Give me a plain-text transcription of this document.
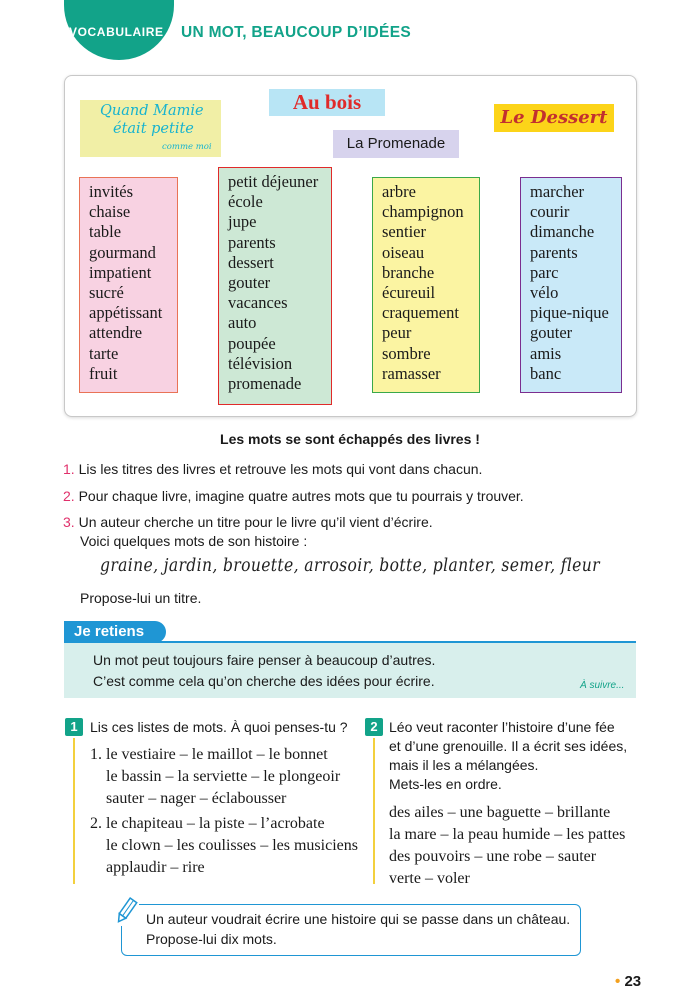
VOCABULAIRE UN MOT, BEAUCOUP D’IDÉES
Quand Mamie
était petite
comme moi
Au bois
La Promenade
Le Dessert
invités
chaise
table
gourmand
impatient
sucré
appétissant
attendre
tarte
fruit
petit déjeuner
école
jupe
parents
dessert
gouter
vacances
auto
poupée
télévision
promenade
arbre
champignon
sentier
oiseau
branche
écureuil
craquement
peur
sombre
ramasser
marcher
courir
dimanche
parents
parc
vélo
pique-nique
gouter
amis
banc
Les mots se sont échappés des livres !
1. Lis les titres des livres et retrouve les mots qui vont dans chacun.
2. Pour chaque livre, imagine quatre autres mots que tu pourrais y trouver.
3. Un auteur cherche un titre pour le livre qu’il vient d’écrire.
Voici quelques mots de son histoire :
graine, jardin, brouette, arrosoir, botte, planter, semer, fleur
Propose-lui un titre.
Je retiens
Un mot peut toujours faire penser à beaucoup d’autres.
C’est comme cela qu’on cherche des idées pour écrire.	À suivre...
1 Lis ces listes de mots. À quoi penses-tu ?
1. le vestiaire – le maillot – le bonnet
le bassin – la serviette – le plongeoir
sauter – nager – éclabousser
2. le chapiteau – la piste – l’acrobate
le clown – les coulisses – les musiciens
applaudir – rire
2 Léo veut raconter l’histoire d’une fée
et d’une grenouille. Il a écrit ses idées,
mais il les a mélangées.
Mets-les en ordre.
des ailes – une baguette – brillante
la mare – la peau humide – les pattes
des pouvoirs – une robe – sauter
verte – voler
Un auteur voudrait écrire une histoire qui se passe dans un château.
Propose-lui dix mots.
• 23
